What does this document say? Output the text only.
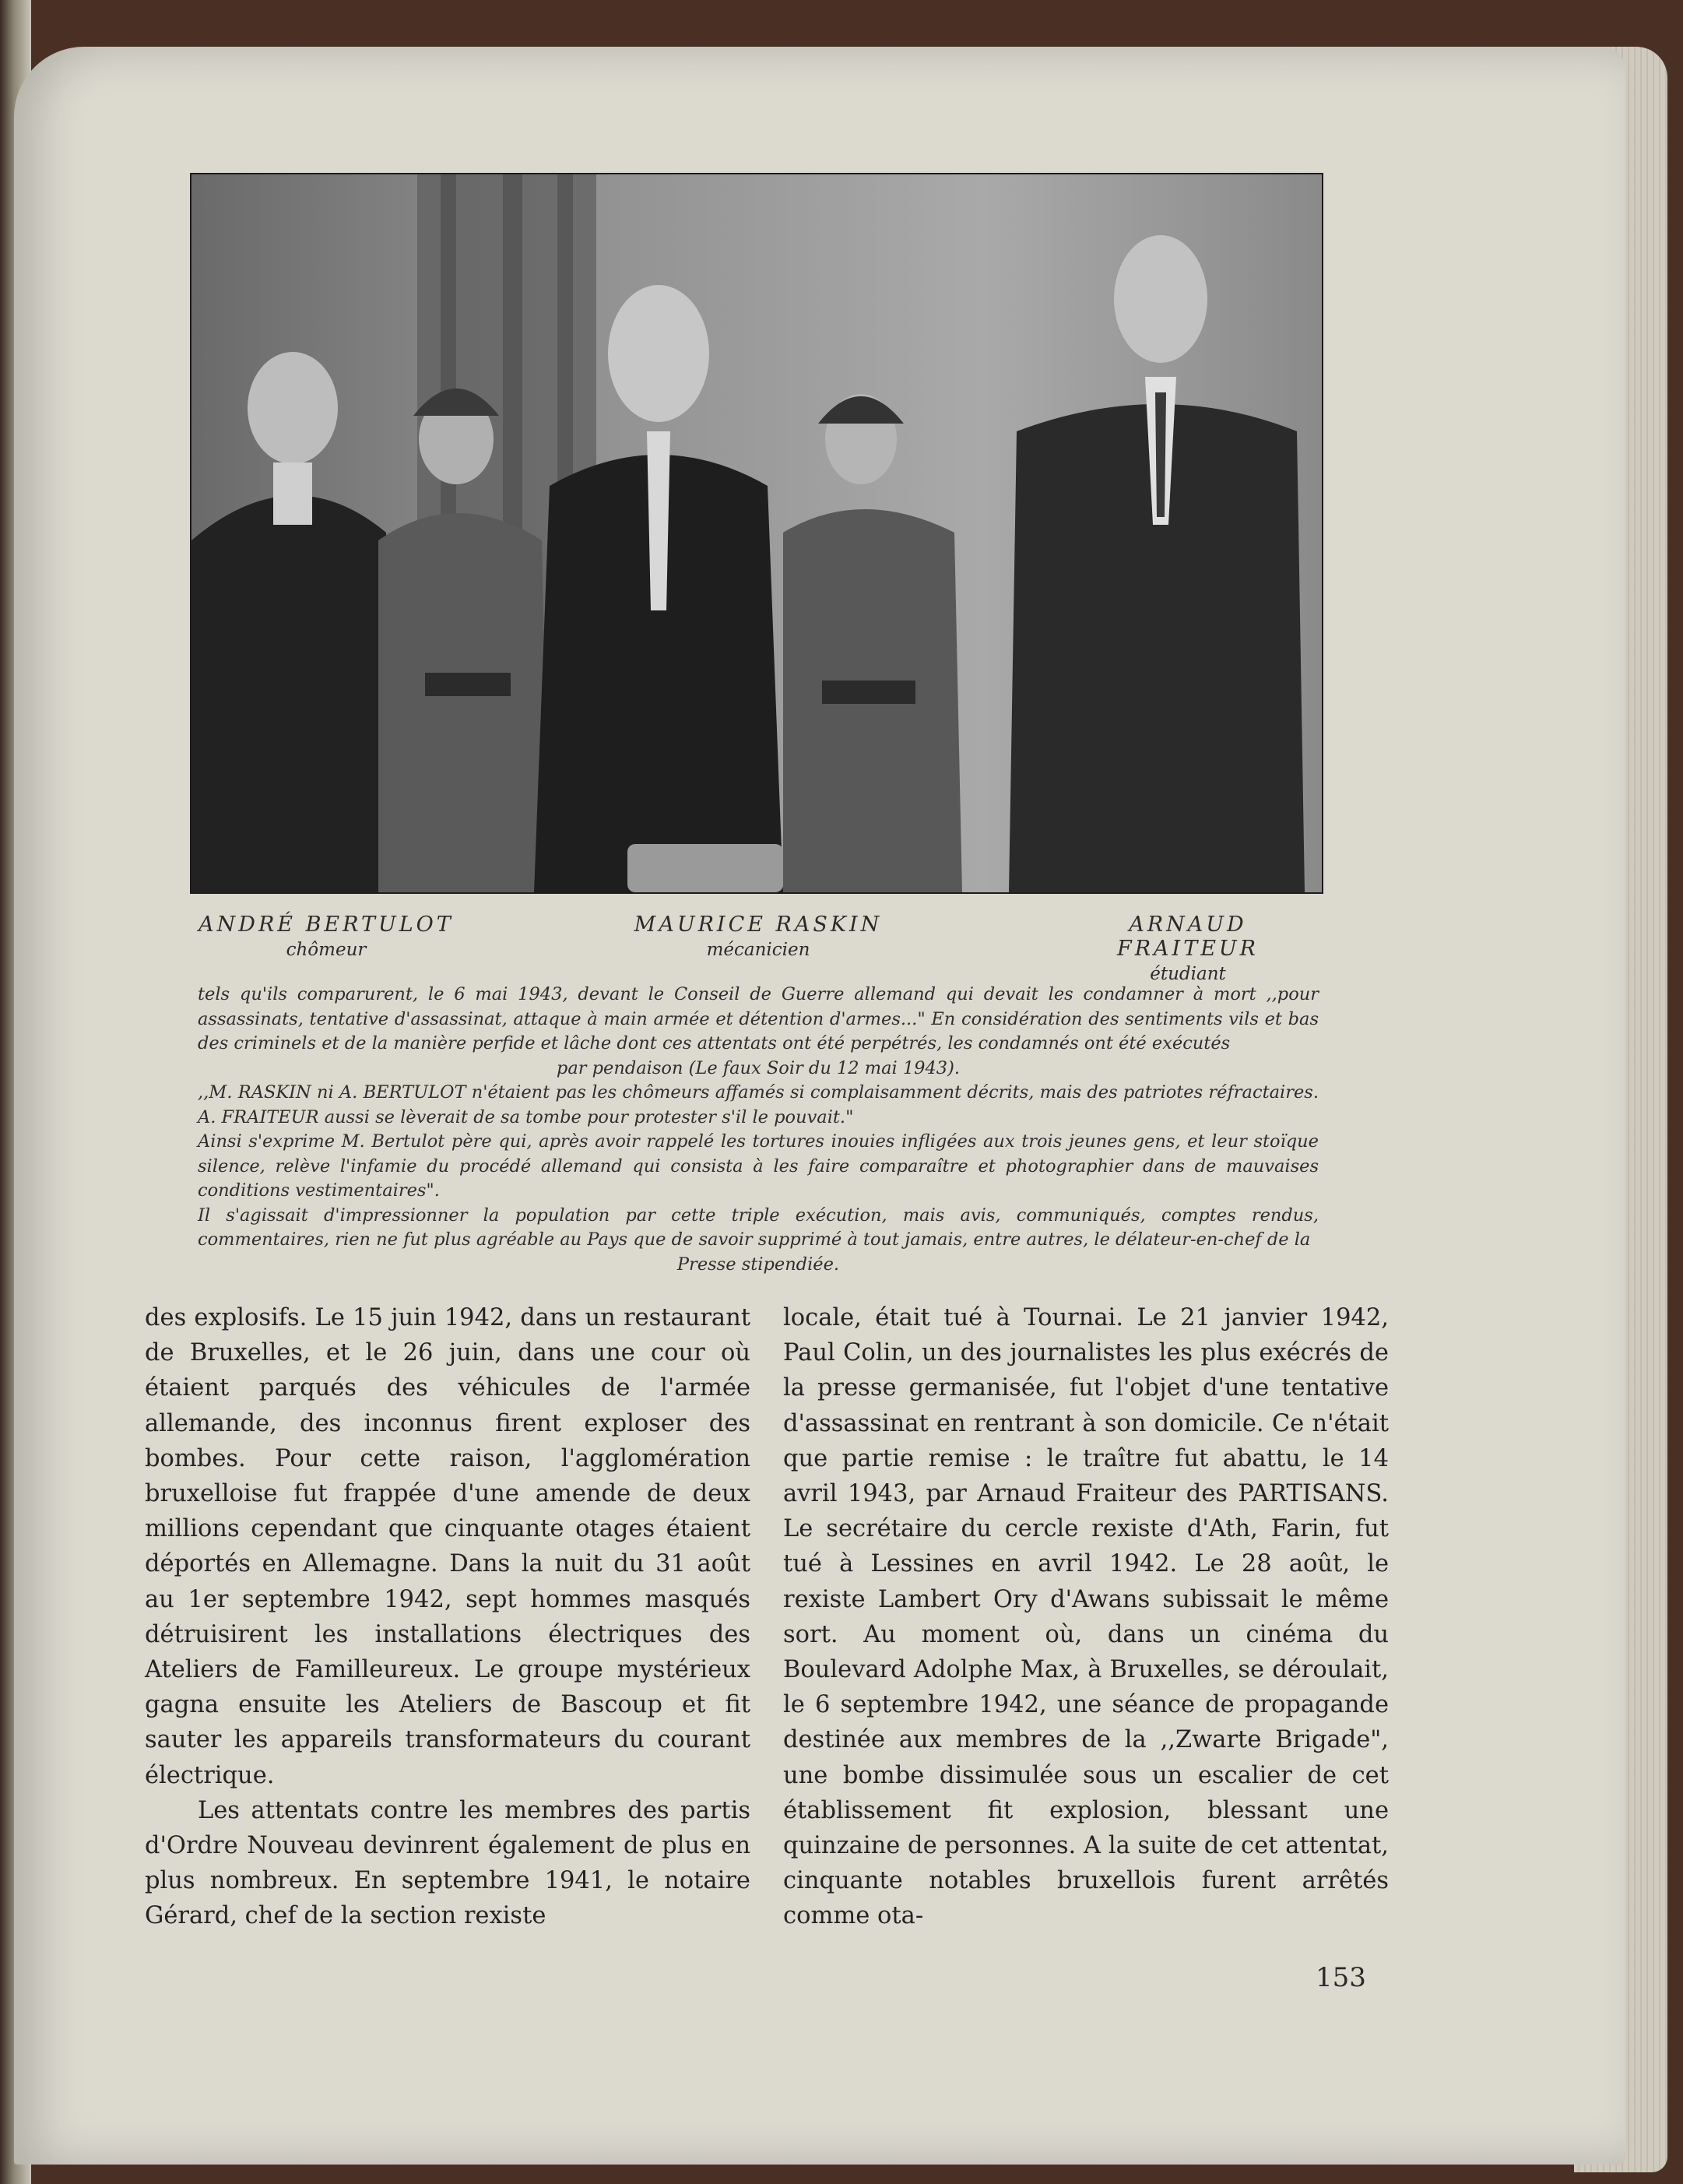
ANDRÉ BERTULOT
chômeur
MAURICE RASKIN
mécanicien
ARNAUD FRAITEUR
étudiant

tels qu'ils comparurent, le 6 mai 1943, devant le Conseil de Guerre allemand qui devait les condamner à mort ,,pour assassinats, tentative d'assassinat, attaque à main armée et détention d'armes..." En considération des sentiments vils et bas des criminels et de la manière perfide et lâche dont ces attentats ont été perpétrés, les condamnés ont été exécutés

par pendaison (Le faux Soir du 12 mai 1943).

,,M. RASKIN ni A. BERTULOT n'étaient pas les chômeurs affamés si complaisamment décrits, mais des patriotes réfractaires. A. FRAITEUR aussi se lèverait de sa tombe pour protester s'il le pouvait."

Ainsi s'exprime M. Bertulot père qui, après avoir rappelé les tortures inouies infligées aux trois jeunes gens, et leur stoïque silence, relève l'infamie du procédé allemand qui consista à les faire comparaître et photographier dans de mauvaises conditions vestimentaires".

Il s'agissait d'impressionner la population par cette triple exécution, mais avis, communiqués, comptes rendus, commentaires, rien ne fut plus agréable au Pays que de savoir supprimé à tout jamais, entre autres, le délateur-en-chef de la

Presse stipendiée.

des explosifs. Le 15 juin 1942, dans un restaurant de Bruxelles, et le 26 juin, dans une cour où étaient parqués des véhicules de l'armée allemande, des inconnus firent exploser des bombes. Pour cette raison, l'agglomération bruxelloise fut frappée d'une amende de deux millions cependant que cinquante otages étaient déportés en Allemagne. Dans la nuit du 31 août au 1er septembre 1942, sept hommes masqués détruisirent les installations électriques des Ateliers de Familleureux. Le groupe mystérieux gagna ensuite les Ateliers de Bascoup et fit sauter les appareils transformateurs du courant électrique.

Les attentats contre les membres des partis d'Ordre Nouveau devinrent également de plus en plus nombreux. En septembre 1941, le notaire Gérard, chef de la section rexiste

locale, était tué à Tournai. Le 21 janvier 1942, Paul Colin, un des journalistes les plus exécrés de la presse germanisée, fut l'objet d'une tentative d'assassinat en rentrant à son domicile. Ce n'était que partie remise : le traître fut abattu, le 14 avril 1943, par Arnaud Fraiteur des PARTISANS. Le secrétaire du cercle rexiste d'Ath, Farin, fut tué à Lessines en avril 1942. Le 28 août, le rexiste Lambert Ory d'Awans subissait le même sort. Au moment où, dans un cinéma du Boulevard Adolphe Max, à Bruxelles, se déroulait, le 6 septembre 1942, une séance de propagande destinée aux membres de la ,,Zwarte Brigade", une bombe dissimulée sous un escalier de cet établissement fit explosion, blessant une quinzaine de personnes. A la suite de cet attentat, cinquante notables bruxellois furent arrêtés comme ota-

153
